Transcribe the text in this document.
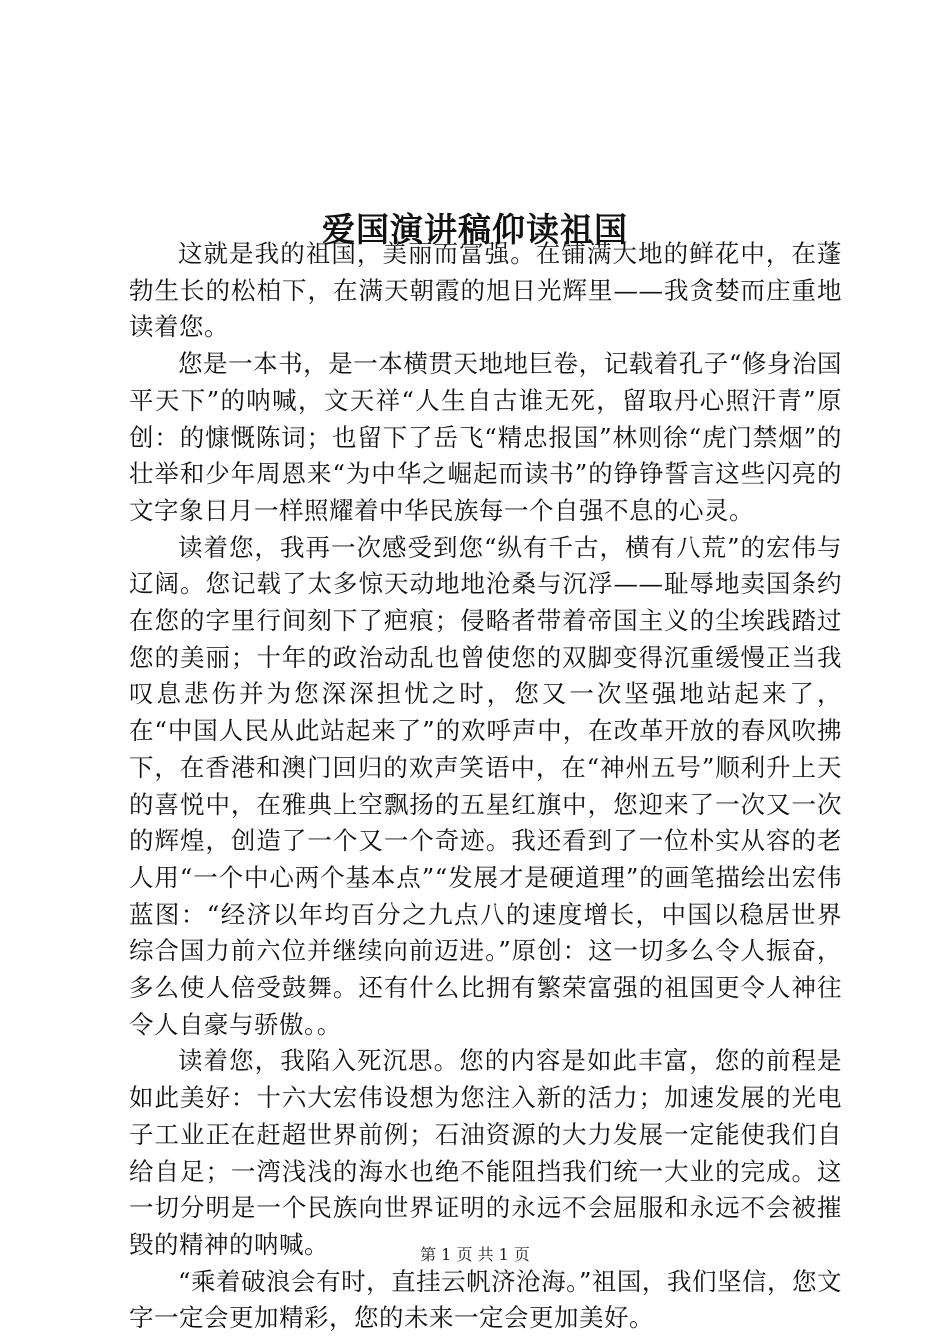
爱国演讲稿仰读祖国

这就是我的祖国，美丽而富强。在铺满大地的鲜花中，在蓬勃生长的松柏下，在满天朝霞的旭日光辉里——我贪婪而庄重地读着您。

您是一本书，是一本横贯天地地巨卷，记载着孔子“修身治国平天下”的呐喊，文天祥“人生自古谁无死，留取丹心照汗青”原创：的慷慨陈词；也留下了岳飞“精忠报国”林则徐“虎门禁烟”的壮举和少年周恩来“为中华之崛起而读书”的铮铮誓言这些闪亮的文字象日月一样照耀着中华民族每一个自强不息的心灵。

读着您，我再一次感受到您“纵有千古，横有八荒”的宏伟与辽阔。您记载了太多惊天动地地沧桑与沉浮——耻辱地卖国条约在您的字里行间刻下了疤痕；侵略者带着帝国主义的尘埃践踏过您的美丽；十年的政治动乱也曾使您的双脚变得沉重缓慢正当我叹息悲伤并为您深深担忧之时，您又一次坚强地站起来了，在“中国人民从此站起来了”的欢呼声中，在改革开放的春风吹拂下，在香港和澳门回归的欢声笑语中，在“神州五号”顺利升上天的喜悦中，在雅典上空飘扬的五星红旗中，您迎来了一次又一次的辉煌，创造了一个又一个奇迹。我还看到了一位朴实从容的老人用“一个中心两个基本点”“发展才是硬道理”的画笔描绘出宏伟蓝图：“经济以年均百分之九点八的速度增长，中国以稳居世界综合国力前六位并继续向前迈进。”原创：这一切多么令人振奋，多么使人倍受鼓舞。还有什么比拥有繁荣富强的祖国更令人神往令人自豪与骄傲。。

读着您，我陷入死沉思。您的内容是如此丰富，您的前程是如此美好：十六大宏伟设想为您注入新的活力；加速发展的光电子工业正在赶超世界前例；石油资源的大力发展一定能使我们自给自足；一湾浅浅的海水也绝不能阻挡我们统一大业的完成。这一切分明是一个民族向世界证明的永远不会屈服和永远不会被摧毁的精神的呐喊。

“乘着破浪会有时，直挂云帆济沧海。”祖国，我们坚信，您文字一定会更加精彩，您的未来一定会更加美好。

第 1 页 共 1 页
